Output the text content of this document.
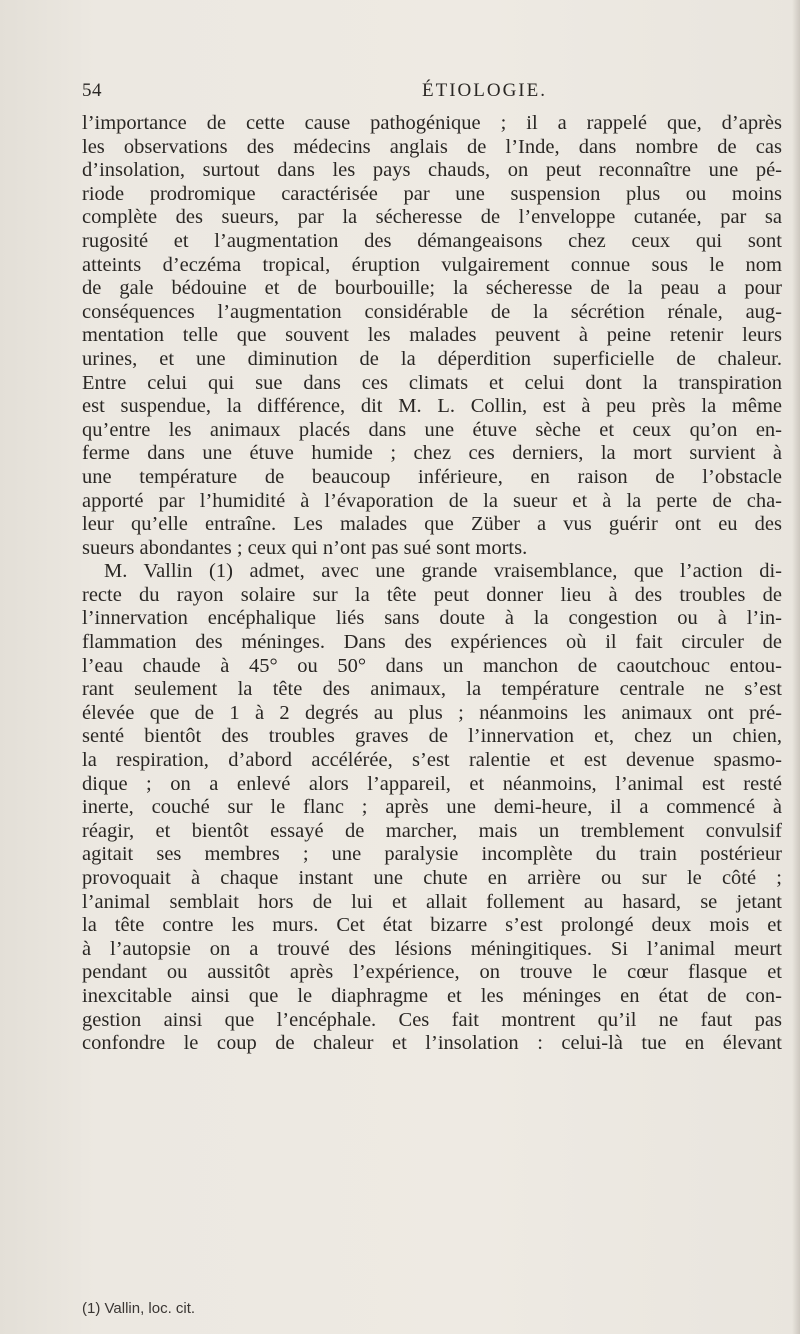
54	ÉTIOLOGIE.
l’importance de cette cause pathogénique ; il a rappelé que, d’après
les observations des médecins anglais de l’Inde, dans nombre de cas
d’insolation, surtout dans les pays chauds, on peut reconnaître une pé-
riode prodromique caractérisée par une suspension plus ou moins
complète des sueurs, par la sécheresse de l’enveloppe cutanée, par sa
rugosité et l’augmentation des démangeaisons chez ceux qui sont
atteints d’eczéma tropical, éruption vulgairement connue sous le nom
de gale bédouine et de bourbouille; la sécheresse de la peau a pour
conséquences l’augmentation considérable de la sécrétion rénale, aug-
mentation telle que souvent les malades peuvent à peine retenir leurs
urines, et une diminution de la déperdition superficielle de chaleur.
Entre celui qui sue dans ces climats et celui dont la transpiration
est suspendue, la différence, dit M. L. Collin, est à peu près la même
qu’entre les animaux placés dans une étuve sèche et ceux qu’on en-
ferme dans une étuve humide ; chez ces derniers, la mort survient à
une température de beaucoup inférieure, en raison de l’obstacle
apporté par l’humidité à l’évaporation de la sueur et à la perte de cha-
leur qu’elle entraîne. Les malades que Züber a vus guérir ont eu des
sueurs abondantes ; ceux qui n’ont pas sué sont morts.
M. Vallin (1) admet, avec une grande vraisemblance, que l’action di-
recte du rayon solaire sur la tête peut donner lieu à des troubles de
l’innervation encéphalique liés sans doute à la congestion ou à l’in-
flammation des méninges. Dans des expériences où il fait circuler de
l’eau chaude à 45° ou 50° dans un manchon de caoutchouc entou-
rant seulement la tête des animaux, la température centrale ne s’est
élevée que de 1 à 2 degrés au plus ; néanmoins les animaux ont pré-
senté bientôt des troubles graves de l’innervation et, chez un chien,
la respiration, d’abord accélérée, s’est ralentie et est devenue spasmo-
dique ; on a enlevé alors l’appareil, et néanmoins, l’animal est resté
inerte, couché sur le flanc ; après une demi-heure, il a commencé à
réagir, et bientôt essayé de marcher, mais un tremblement convulsif
agitait ses membres ; une paralysie incomplète du train postérieur
provoquait à chaque instant une chute en arrière ou sur le côté ;
l’animal semblait hors de lui et allait follement au hasard, se jetant
la tête contre les murs. Cet état bizarre s’est prolongé deux mois et
à l’autopsie on a trouvé des lésions méningitiques. Si l’animal meurt
pendant ou aussitôt après l’expérience, on trouve le cœur flasque et
inexcitable ainsi que le diaphragme et les méninges en état de con-
gestion ainsi que l’encéphale. Ces fait montrent qu’il ne faut pas
confondre le coup de chaleur et l’insolation : celui-là tue en élevant
(1) Vallin, loc. cit.
